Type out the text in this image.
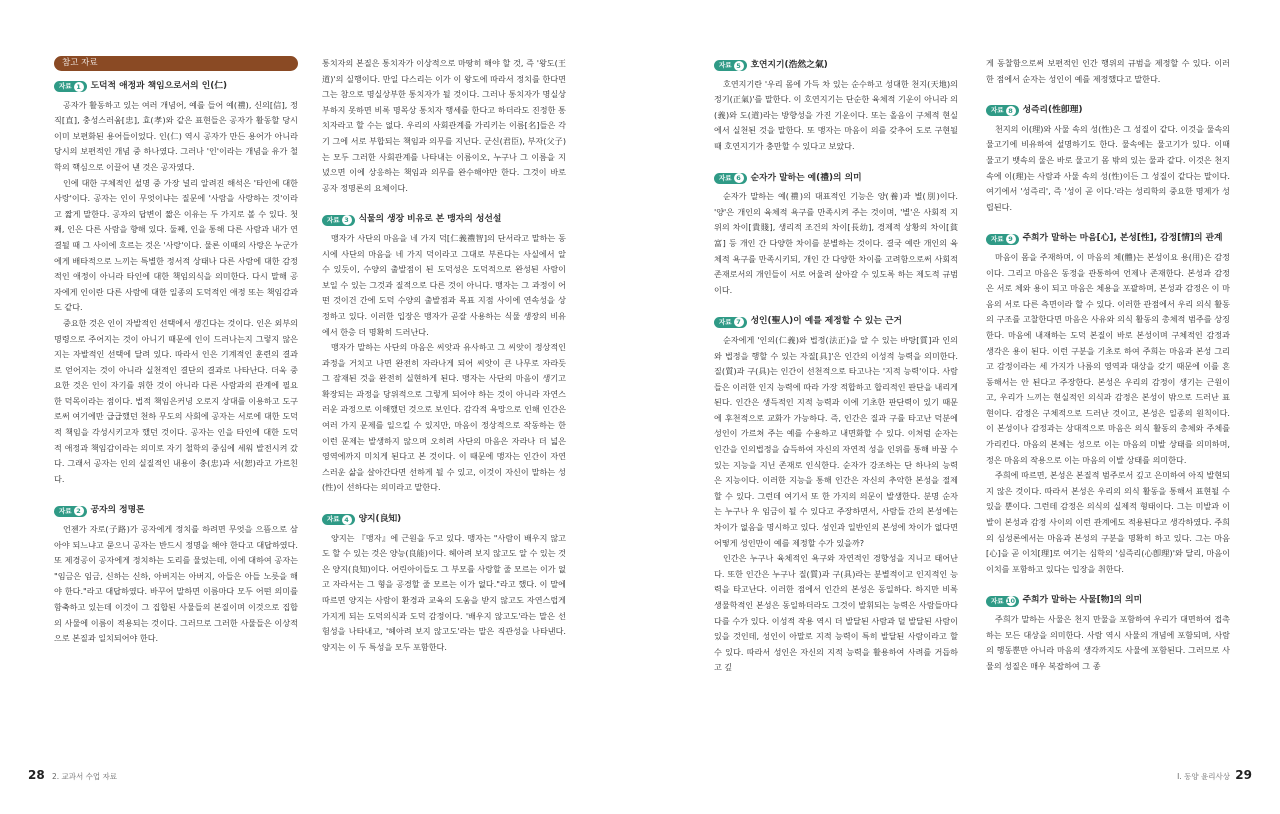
참고 자료
자료 1	도덕적 애정과 책임으로서의 인(仁)

공자가 활동하고 있는 여러 개념어, 예를 들어 예(禮), 신의[信], 정직[直], 충성스러움[忠], 효(孝)와 같은 표현들은 공자가 활동할 당시 이미 보편화된 용어들이었다. 인(仁) 역시 공자가 만든 용어가 아니라 당시의 보편적인 개념 중 하나였다. 그러나 '인'이라는 개념을 유가 철학의 핵심으로 이끌어 낸 것은 공자였다.

인에 대한 구체적인 설명 중 가장 널리 알려진 해석은 '타인에 대한 사랑'이다. 공자는 인이 무엇이냐는 질문에 '사람을 사랑하는 것'이라고 짧게 말한다. 공자의 답변이 짧은 이유는 두 가지로 볼 수 있다. 첫째, 인은 다른 사람을 향해 있다. 둘째, 인을 통해 다른 사람과 내가 연결될 때 그 사이에 흐르는 것은 '사랑'이다. 물론 이때의 사랑은 누군가에게 배타적으로 느끼는 특별한 정서적 상태나 다른 사람에 대한 감정적인 애정이 아니라 타인에 대한 책임의식을 의미한다. 다시 말해 공자에게 인이란 다른 사람에 대한 일종의 도덕적인 애정 또는 책임감과도 같다.

중요한 것은 인이 자발적인 선택에서 생긴다는 것이다. 인은 외부의 명령으로 주어지는 것이 아니기 때문에 인이 드러나는지 그렇지 않은지는 자발적인 선택에 달려 있다. 따라서 인은 기계적인 훈련의 결과로 얻어지는 것이 아니라 실천적인 결단의 결과로 나타난다. 더욱 중요한 것은 인이 자기를 위한 것이 아니라 다른 사람과의 관계에 필요한 덕목이라는 점이다. 법적 책임은커녕 오로지 상대를 이용하고 도구로써 여기에만 급급했던 천하 무도의 사회에 공자는 서로에 대한 도덕적 책임을 각성시키고자 했던 것이다. 공자는 인을 타인에 대한 도덕적 애정과 책임감이라는 의미로 자기 철학의 중심에 세워 발전시켜 갔다. 그래서 공자는 인의 실질적인 내용이 충(忠)과 서(恕)라고 가르친다.

자료 2	공자의 정명론

언젠가 자로(子路)가 공자에게 정치를 하려면 무엇을 으뜸으로 삼아야 되느냐고 묻으니 공자는 반드시 정명을 해야 한다고 대답하였다. 또 제경공이 공자에게 정치하는 도리를 물었는데, 이에 대하여 공자는 "임금은 임금, 신하는 신하, 아버지는 아버지, 아들은 아들 노릇을 해야 한다."라고 대답하였다. 바꾸어 말하면 이름마다 모두 어떤 의미를 함축하고 있는데 이것이 그 집합된 사물들의 본질이며 이것으로 집합의 사물에 이름이 적용되는 것이다. 그러므로 그러한 사물들은 이상적으로 본질과 일치되어야 한다.

통치자의 본질은 통치자가 이상적으로 마땅히 해야 할 것, 즉 '왕도(王道)'의 실행이다. 만일 다스리는 이가 이 왕도에 따라서 정치를 한다면 그는 참으로 명실상부한 통치자가 될 것이다. 그러나 통치자가 명실상부하지 못하면 비록 명목상 통치자 행세를 한다고 하더라도 진정한 통치자라고 할 수는 없다. 우리의 사회관계를 가리키는 이름[名]들은 각기 그에 서로 부합되는 책임과 의무를 지닌다. 군신(君臣), 부자(父子)는 모두 그러한 사회관계를 나타내는 이름이오, 누구나 그 이름을 지녔으면 이에 상응하는 책임과 의무를 완수해야만 한다. 그것이 바로 공자 정명론의 요체이다.

자료 3	식물의 생장 비유로 본 맹자의 성선설

맹자가 사단의 마음을 네 가지 덕[仁義禮智]의 단서라고 말하는 동시에 사단의 마음을 네 가지 덕이라고 그대로 부른다는 사실에서 알 수 있듯이, 수양의 출발점이 된 도덕성은 도덕적으로 완성된 사람이 보일 수 있는 그것과 질적으로 다른 것이 아니다. 맹자는 그 과정이 어떤 것이건 간에 도덕 수양의 출발점과 목표 지점 사이에 연속성을 상정하고 있다. 이러한 입장은 맹자가 곧잘 사용하는 식물 생장의 비유에서 한층 더 명확히 드러난다.

맹자가 말하는 사단의 마음은 씨앗과 유사하고 그 씨앗이 정상적인 과정을 거치고 나면 완전히 자라나게 되어 씨앗이 큰 나무로 자라듯 그 잠재된 것을 완전히 실현하게 된다. 맹자는 사단의 마음이 생기고 확장되는 과정을 당위적으로 그렇게 되어야 하는 것이 아니라 자연스러운 과정으로 이해했던 것으로 보인다. 감각적 욕망으로 인해 인간은 여러 가지 문제를 일으킬 수 있지만, 마음이 정상적으로 작동하는 한 이런 문제는 발생하지 않으며 오히려 사단의 마음은 자라나 더 넓은 영역에까지 미치게 된다고 본 것이다. 이 때문에 맹자는 인간이 자연스러운 삶을 살아간다면 선하게 될 수 있고, 이것이 자신이 말하는 성(性)이 선하다는 의미라고 말한다.

자료 4	양지(良知)

양지는 『맹자』에 근원을 두고 있다. 맹자는 "사람이 배우지 않고도 할 수 있는 것은 양능(良能)이다. 헤아려 보지 않고도 알 수 있는 것은 양지(良知)이다. 어린아이들도 그 부모를 사랑할 줄 모르는 이가 없고 자라서는 그 형을 공경할 줄 모르는 이가 없다."라고 했다. 이 말에 따르면 양지는 사람이 환경과 교육의 도움을 받지 않고도 자연스럽게 가지게 되는 도덕의식과 도덕 감정이다. '배우지 않고도'라는 말은 선험성을 나타내고, '헤아려 보지 않고도'라는 말은 직관성을 나타낸다. 양지는 이 두 특성을 모두 포함한다.

자료 5	호연지기(浩然之氣)

호연지기란 '우리 몸에 가득 차 있는 순수하고 성대한 천지(天地)의 정기(正氣)'를 말한다. 이 호연지기는 단순한 육체적 기운이 아니라 의(義)와 도(道)라는 방향성을 가진 기운이다. 또는 올음이 구체적 현실에서 실천된 것을 말한다. 또 맹자는 마음이 의를 갖추어 도로 구현될 때 호연지기가 충만할 수 있다고 보았다.

자료 6	순자가 말하는 예(禮)의 의미

순자가 말하는 예(禮)의 대표적인 기능은 양(養)과 별(別)이다. '양'은 개인의 육체적 욕구를 만족시켜 주는 것이며, '별'은 사회적 지위의 차이[貴賤], 생리적 조건의 차이[長幼], 경제적 상황의 차이[貧富] 등 개인 간 다양한 차이를 분별하는 것이다. 결국 예란 개인의 육체적 욕구를 만족시키되, 개인 간 다양한 차이를 고려함으로써 사회적 존재로서의 개인들이 서로 어울려 살아갈 수 있도록 하는 제도적 규범이다.

자료 7	성인(聖人)이 예를 제정할 수 있는 근거

순자에게 '인의(仁義)와 법정(法正)을 알 수 있는 바탕[質]과 인의와 법정을 행할 수 있는 자질[具]'은 인간의 이성적 능력을 의미한다. 질(質)과 구(具)는 인간이 선천적으로 타고나는 '지적 능력'이다. 사람들은 이러한 인지 능력에 따라 가장 적합하고 합리적인 판단을 내리게 된다. 인간은 생득적인 지적 능력과 이에 기초한 판단력이 있기 때문에 후천적으로 교화가 가능하다. 즉, 인간은 질과 구를 타고난 덕분에 성인이 가르쳐 주는 예를 수용하고 내면화할 수 있다. 이처럼 순자는 인간을 인의법정을 습득하여 자신의 자연적 성을 인위를 통해 바꿀 수 있는 지능을 지닌 존재로 인식한다. 순자가 강조하는 단 하나의 능력은 지능이다. 이러한 지능을 통해 인간은 자신의 추악한 본성을 절제할 수 있다. 그런데 여기서 또 한 가지의 의문이 발생한다. 분명 순자는 누구나 우 임금이 될 수 있다고 주장하면서, 사람들 간의 본성에는 차이가 없음을 명시하고 있다. 성인과 일반인의 본성에 차이가 없다면 어떻게 성인만이 예를 제정할 수가 있을까?

인간은 누구나 육체적인 욕구와 자연적인 경향성을 지니고 태어난다. 또한 인간은 누구나 질(質)과 구(具)라는 분별적이고 인지적인 능력을 타고난다. 이러한 점에서 인간의 본성은 동일하다. 하지만 비록 생물학적인 본성은 동일하더라도 그것이 발휘되는 능력은 사람들마다 다를 수가 있다. 이성적 작용 역시 더 발달된 사람과 덜 발달된 사람이 있을 것인데, 성인이 아말로 지적 능력이 특히 발달된 사람이라고 할 수 있다. 따라서 성인은 자신의 지적 능력을 활용하여 사려를 거듭하고 깊

게 동찰함으로써 보편적인 인간 행위의 규범을 제정할 수 있다. 이러한 점에서 순자는 성인이 예를 제정했다고 말한다.

자료 8	성즉리(性卽理)

천지의 이(理)와 사물 속의 성(性)은 그 성질이 같다. 이것을 물속의 물고기에 비유하여 설명하기도 한다. 물속에는 물고기가 있다. 이때 물고기 뱃속의 물은 바로 물고기 몸 밖의 있는 물과 같다. 이것은 천지 속에 이(理)는 사람과 사물 속의 성(性)이든 그 성질이 같다는 말이다. 여기에서 '성즉리', 즉 '성이 곧 이다.'라는 성리학의 중요한 명제가 성립된다.

자료 9	주희가 말하는 마음[心], 본성[性], 감정[情]의 관계

마음이 몸을 주재하며, 이 마음의 체(體)는 본성이요 용(用)은 감정이다. 그리고 마음은 동정을 관통하여 언제나 존재한다. 본성과 감정은 서로 체와 용이 되고 마음은 체용을 포괄하며, 본성과 감정은 이 마음의 서로 다른 측면이라 할 수 있다. 이러한 관점에서 우리 의식 활동의 구조를 고찰한다면 마음은 사유와 의식 활동의 총체적 범주를 상징한다. 마음에 내재하는 도덕 본질이 바로 본성이며 구체적인 감정과 생각은 용이 된다. 이런 구분을 기초로 하여 주희는 마음과 본성 그리고 감정이라는 세 가지가 나름의 영역과 대상을 갖기 때문에 이를 혼동해서는 안 된다고 주장한다. 본성은 우리의 감정이 생기는 근원이고, 우리가 느끼는 현실적인 의식과 감정은 본성이 밖으로 드러난 표현이다. 감정은 구체적으로 드러난 것이고, 본성은 일종의 원칙이다. 이 본성이나 감정과는 상대적으로 마음은 의식 활동의 총체와 주체를 가리킨다. 마음의 본체는 성으로 이는 마음의 미발 상태를 의미하며, 정은 마음의 작용으로 이는 마음의 이발 상태를 의미한다.

주희에 따르면, 본성은 본질적 범주로서 깊고 은미하여 아직 발현되지 않은 것이다. 따라서 본성은 우리의 의식 활동을 통해서 표현될 수 있을 뿐이다. 그런데 감정은 의식의 실제적 형태이다. 그는 미발과 이발이 본성과 감정 사이의 이런 관계에도 적용된다고 생각하였다. 주희의 심성론에서는 마음과 본성의 구분을 명확히 하고 있다. 그는 마음[心]을 곧 이치[理]로 여기는 심학의 '심즉리(心卽理)'와 달리, 마음이 이치를 포함하고 있다는 입장을 취한다.

자료 10 주희가 말하는 사물[物]의 의미

주희가 말하는 사물은 천지 만물을 포함하여 우리가 대면하여 접촉하는 모든 대상을 의미한다. 사람 역시 사물의 개념에 포함되며, 사람의 행동뿐만 아니라 마음의 생각까지도 사물에 포함된다. 그러므로 사물의 성질은 매우 복잡하여 그 종

28 2. 교과서 수업 자료	I. 동양 윤리사상 29
